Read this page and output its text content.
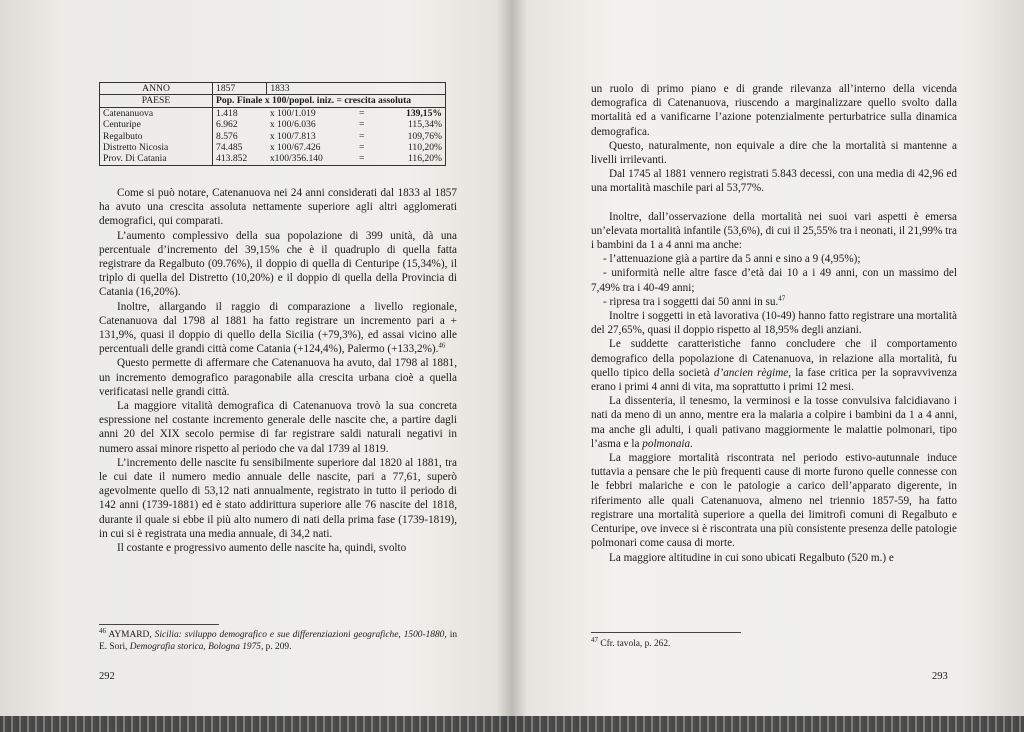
ANNO	1857	1833		
PAESE	Pop. Finale x 100/popol. iniz. = crescita assoluta			
Catenanuova	1.418	x 100/1.019	=	139,15%
Centuripe	6.962	x 100/6.036	=	115,34%
Regalbuto	8.576	x 100/7.813	=	109,76%
Distretto Nicosia	74.485	x 100/67.426	=	110,20%
Prov. Di Catania	413.852	x100/356.140	=	116,20%

Come si può notare, Catenanuova nei 24 anni considerati dal 1833 al 1857 ha avuto una crescita assoluta nettamente superiore agli altri agglomerati demografici, qui comparati.

L’aumento complessivo della sua popolazione di 399 unità, dà una percentuale d’incremento del 39,15% che è il quadruplo di quella fatta registrare da Regalbuto (09.76%), il doppio di quella di Centuripe (15,34%), il triplo di quella del Distretto (10,20%) e il doppio di quella della Provincia di Catania (16,20%).

Inoltre, allargando il raggio di comparazione a livello regionale, Catenanuova dal 1798 al 1881 ha fatto registrare un incremento pari a + 131,9%, quasi il doppio di quello della Sicilia (+79,3%), ed assai vicino alle percentuali delle grandi città come Catania (+124,4%), Palermo (+133,2%).$^{46}$

Questo permette di affermare che Catenanuova ha avuto, dal 1798 al 1881, un incremento demografico paragonabile alla crescita urbana cioè a quella verificatasi nelle grandi città.

La maggiore vitalità demografica di Catenanuova trovò la sua concreta espressione nel costante incremento generale delle nascite che, a partire dagli anni 20 del XIX secolo permise di far registrare saldi naturali negativi in numero assai minore rispetto al periodo che va dal 1739 al 1819.

L’incremento delle nascite fu sensibilmente superiore dal 1820 al 1881, tra le cui date il numero medio annuale delle nascite, pari a 77,61, superò agevolmente quello di 53,12 nati annualmente, registrato in tutto il periodo di 142 anni (1739-1881) ed è stato addirittura superiore alle 76 nascite del 1818, durante il quale si ebbe il più alto numero di nati della prima fase (1739-1819), in cui si è registrata una media annuale, di 34,2 nati.

Il costante e progressivo aumento delle nascite ha, quindi, svolto

$^{46}$ AYMARD, Sicilia: sviluppo demografico e sue differenziazioni geografiche, 1500-1880, in E. Sori, Demografia storica, Bologna 1975, p. 209.

292

un ruolo di primo piano e di grande rilevanza all’interno della vicenda demografica di Catenanuova, riuscendo a marginalizzare quello svolto dalla mortalità ed a vanificarne l’azione potenzialmente perturbatrice sulla dinamica demografica.

Questo, naturalmente, non equivale a dire che la mortalità si mantenne a livelli irrilevanti.

Dal 1745 al 1881 vennero registrati 5.843 decessi, con una media di 42,96 ed una mortalità maschile pari al 53,77%.

Inoltre, dall’osservazione della mortalità nei suoi vari aspetti è emersa un’elevata mortalità infantile (53,6%), di cui il 25,55% tra i neonati, il 21,99% tra i bambini da 1 a 4 anni ma anche:

- l’attenuazione già a partire da 5 anni e sino a 9 (4,95%);

- uniformità nelle altre fasce d’età dai 10 a i 49 anni, con un massimo del 7,49% tra i 40-49 anni;

- ripresa tra i soggetti dai 50 anni in su.$^{47}$

Inoltre i soggetti in età lavorativa (10-49) hanno fatto registrare una mortalità del 27,65%, quasi il doppio rispetto al 18,95% degli anziani.

Le suddette caratteristiche fanno concludere che il comportamento demografico della popolazione di Catenanuova, in relazione alla mortalità, fu quello tipico della società d’ancien règime, la fase critica per la sopravvivenza erano i primi 4 anni di vita, ma soprattutto i primi 12 mesi.

La dissenteria, il tenesmo, la verminosi e la tosse convulsiva falcidiavano i nati da meno di un anno, mentre era la malaria a colpire i bambini da 1 a 4 anni, ma anche gli adulti, i quali pativano maggiormente le malattie polmonari, tipo l’asma e la polmonaia.

La maggiore mortalità riscontrata nel periodo estivo-autunnale induce tuttavia a pensare che le più frequenti cause di morte furono quelle connesse con le febbri malariche e con le patologie a carico dell’apparato digerente, in riferimento alle quali Catenanuova, almeno nel triennio 1857-59, ha fatto registrare una mortalità superiore a quella dei limitrofi comuni di Regalbuto e Centuripe, ove invece si è riscontrata una più consistente presenza delle patologie polmonari come causa di morte.

La maggiore altitudine in cui sono ubicati Regalbuto (520 m.) e

$^{47}$ Cfr. tavola, p. 262.

293
